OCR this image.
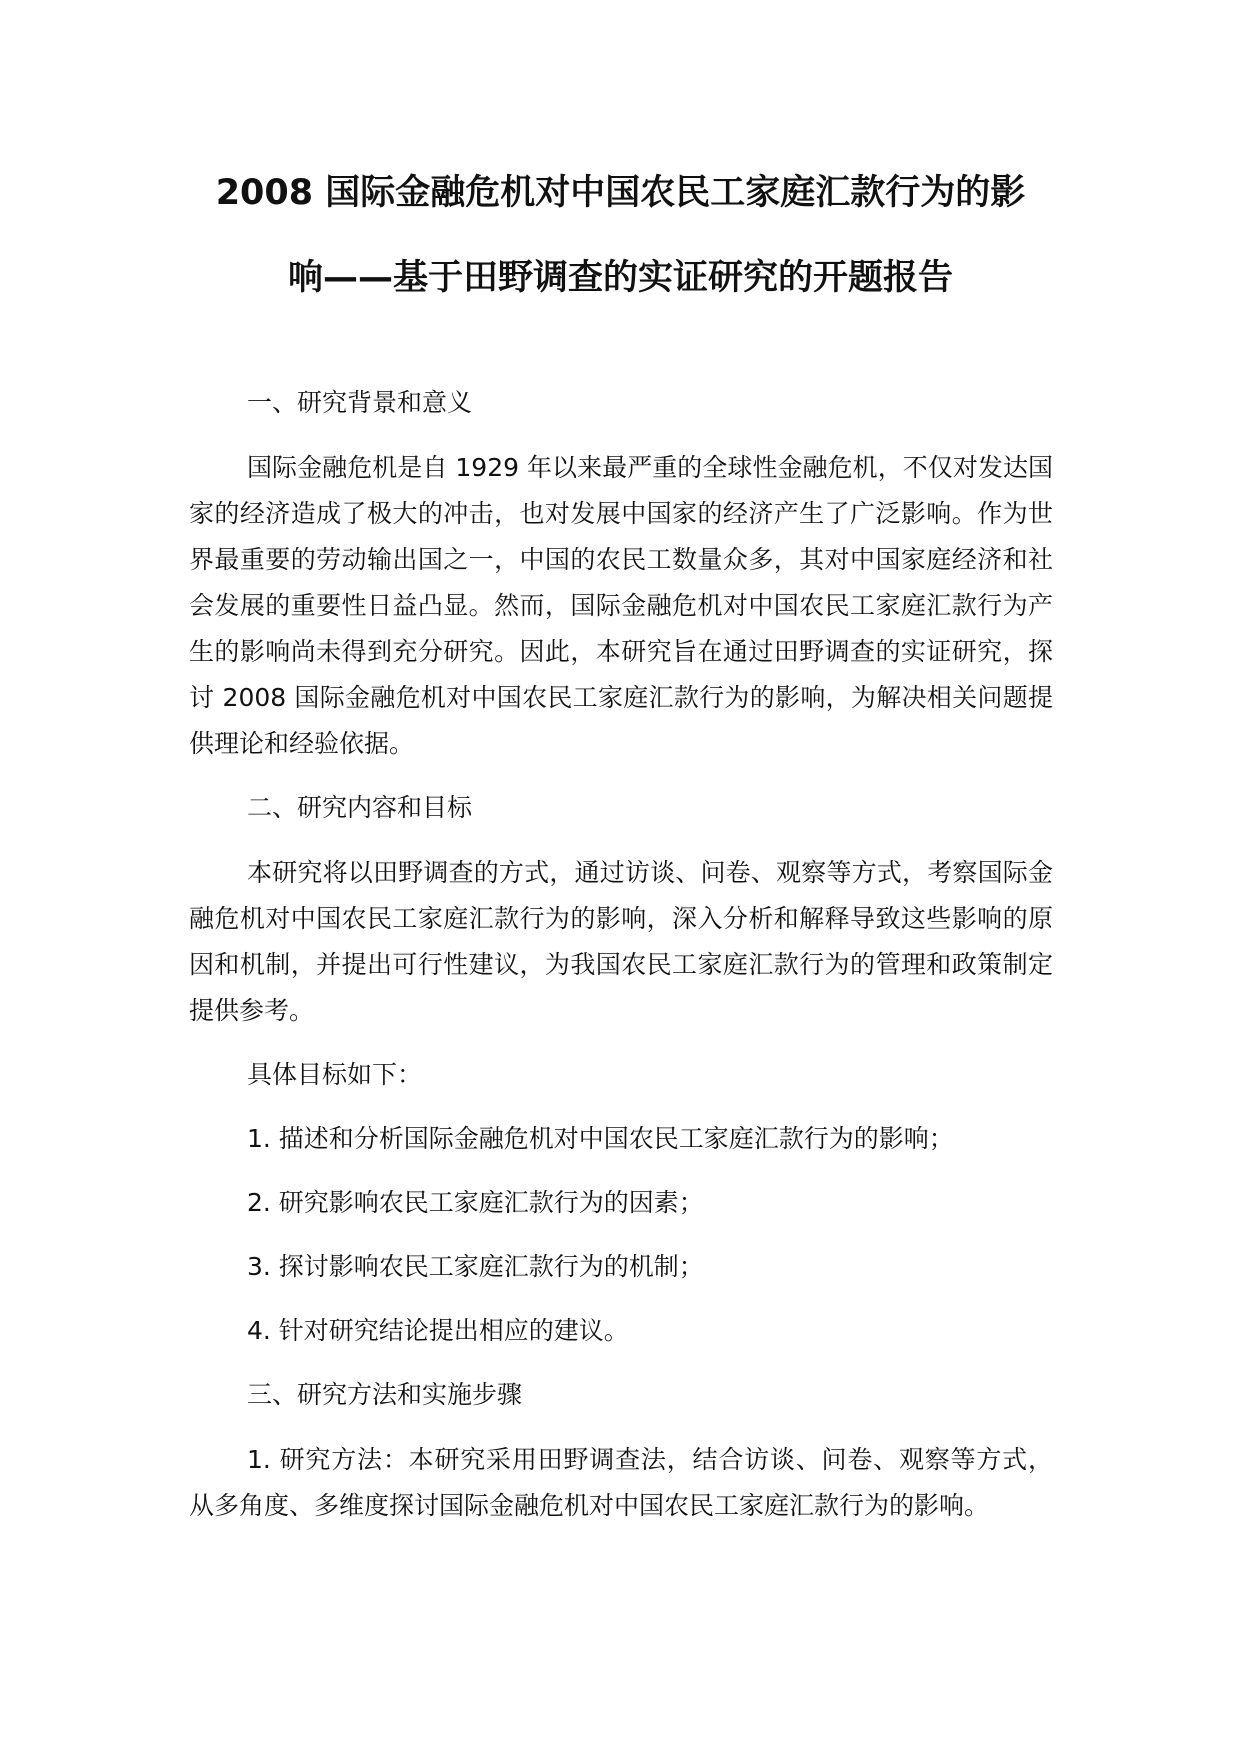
2008 国际金融危机对中国农民工家庭汇款行为的影

响——基于田野调查的实证研究的开题报告

一、研究背景和意义

国际金融危机是自 1929 年以来最严重的全球性金融危机，不仅对发达国家的经济造成了极大的冲击，也对发展中国家的经济产生了广泛影响。作为世界最重要的劳动输出国之一，中国的农民工数量众多，其对中国家庭经济和社会发展的重要性日益凸显。然而，国际金融危机对中国农民工家庭汇款行为产生的影响尚未得到充分研究。因此，本研究旨在通过田野调查的实证研究，探讨 2008 国际金融危机对中国农民工家庭汇款行为的影响，为解决相关问题提供理论和经验依据。

二、研究内容和目标

本研究将以田野调查的方式，通过访谈、问卷、观察等方式，考察国际金融危机对中国农民工家庭汇款行为的影响，深入分析和解释导致这些影响的原因和机制，并提出可行性建议，为我国农民工家庭汇款行为的管理和政策制定提供参考。

具体目标如下：

1. 描述和分析国际金融危机对中国农民工家庭汇款行为的影响；

2. 研究影响农民工家庭汇款行为的因素；

3. 探讨影响农民工家庭汇款行为的机制；

4. 针对研究结论提出相应的建议。

三、研究方法和实施步骤

1. 研究方法：本研究采用田野调查法，结合访谈、问卷、观察等方式，从多角度、多维度探讨国际金融危机对中国农民工家庭汇款行为的影响。
